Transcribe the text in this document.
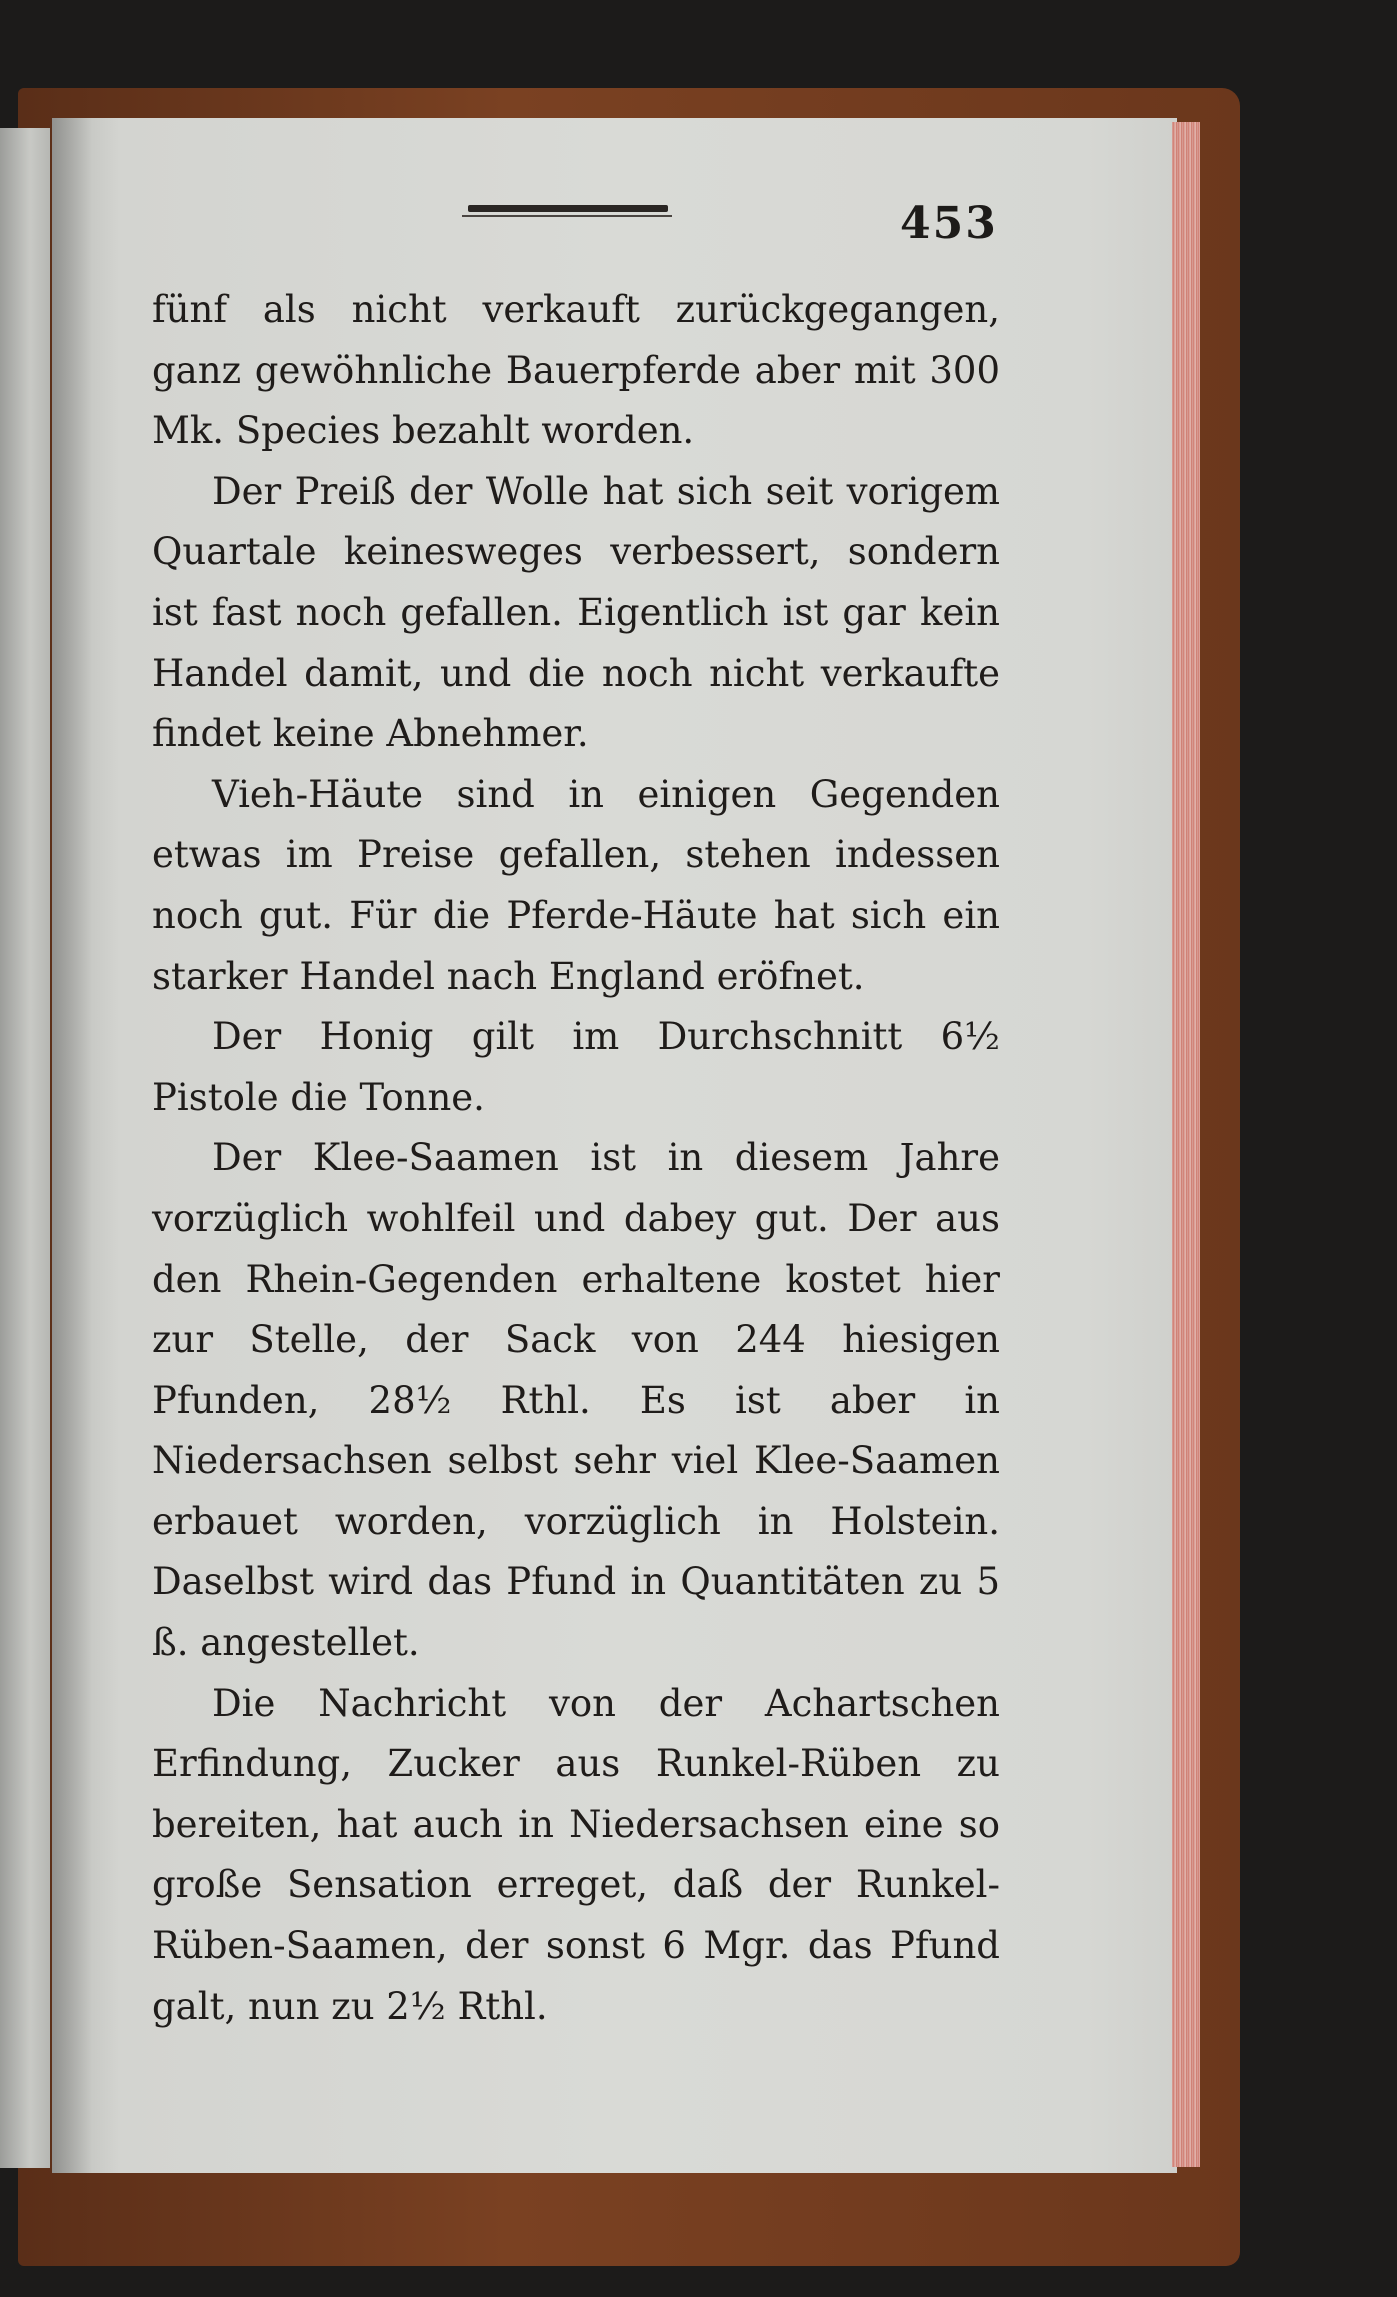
453

fünf als nicht verkauft zurückgegangen, ganz gewöhnliche Bauerpferde aber mit 300 Mk. Species bezahlt worden.

Der Preiß der Wolle hat sich seit vorigem Quartale keinesweges verbessert, sondern ist fast noch gefallen. Eigentlich ist gar kein Handel damit, und die noch nicht verkaufte findet keine Abnehmer.

Vieh-Häute sind in einigen Gegenden etwas im Preise gefallen, stehen indessen noch gut. Für die Pferde-Häute hat sich ein starker Handel nach England eröfnet.

Der Honig gilt im Durchschnitt 6½ Pistole die Tonne.

Der Klee-Saamen ist in diesem Jahre vorzüglich wohlfeil und dabey gut. Der aus den Rhein-Gegenden erhaltene kostet hier zur Stelle, der Sack von 244 hiesigen Pfunden, 28½ Rthl. Es ist aber in Niedersachsen selbst sehr viel Klee-Saamen erbauet worden, vorzüglich in Holstein. Daselbst wird das Pfund in Quantitäten zu 5 ß. angestellet.

Die Nachricht von der Achartschen Erfindung, Zucker aus Runkel-Rüben zu bereiten, hat auch in Niedersachsen eine so große Sensation erreget, daß der Runkel-Rüben-Saamen, der sonst 6 Mgr. das Pfund galt, nun zu 2½ Rthl.
